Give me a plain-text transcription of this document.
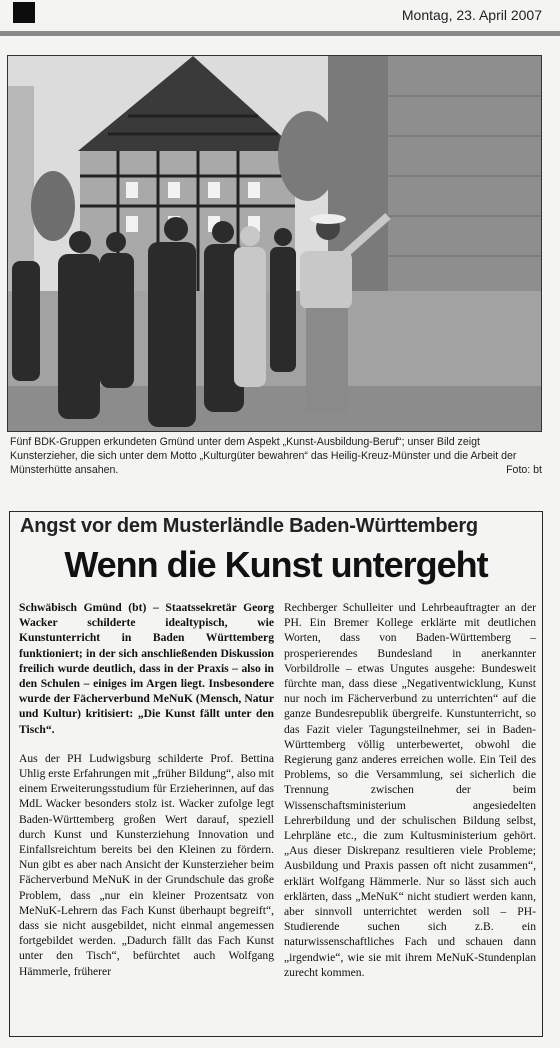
Montag, 23. April 2007
Fünf BDK-Gruppen erkundeten Gmünd unter dem Aspekt „Kunst-Ausbildung-Beruf“; unser Bild zeigt Kunsterzieher, die sich unter dem Motto „Kulturgüter bewahren“ das Heilig-Kreuz-Münster und die Arbeit der Münsterhütte ansahen.	Foto: bt
Angst vor dem Musterländle Baden-Württemberg
Wenn die Kunst untergeht

Schwäbisch Gmünd (bt) – Staatssekretär Georg Wacker schilderte idealtypisch, wie Kunstunterricht in Baden Württemberg funktioniert; in der sich anschließenden Diskussion freilich wurde deutlich, dass in der Praxis – also in den Schulen – einiges im Argen liegt. Insbesondere wurde der Fächerverbund MeNuK (Mensch, Natur und Kultur) kritisiert: „Die Kunst fällt unter den Tisch“.

Aus der PH Ludwigsburg schilderte Prof. Bettina Uhlig erste Erfahrungen mit „früher Bildung“, also mit einem Erweiterungsstudium für Erzieherinnen, auf das MdL Wacker besonders stolz ist. Wacker zufolge legt Baden-Württemberg großen Wert darauf, speziell durch Kunst und Kunsterziehung Innovation und Einfallsreichtum bereits bei den Kleinen zu fördern. Nun gibt es aber nach Ansicht der Kunsterzieher beim Fächerverbund MeNuK in der Grundschule das große Problem, dass „nur ein kleiner Prozentsatz von MeNuK-Lehrern das Fach Kunst überhaupt begreift“, dass sie nicht ausgebildet, nicht einmal angemessen fortgebildet werden. „Dadurch fällt das Fach Kunst unter den Tisch“, befürchtet auch Wolfgang Hämmerle, früherer

Rechberger Schulleiter und Lehrbeauftragter an der PH. Ein Bremer Kollege erklärte mit deutlichen Worten, dass von Baden-Württemberg – prosperierendes Bundesland in anerkannter Vorbildrolle – etwas Ungutes ausgehe: Bundesweit fürchte man, dass diese „Negativentwicklung, Kunst nur noch im Fächerverbund zu unterrichten“ auf die ganze Bundesrepublik übergreife. Kunstunterricht, so das Fazit vieler Tagungsteilnehmer, sei in Baden-Württemberg völlig unterbewertet, obwohl die Regierung ganz anderes erreichen wolle. Ein Teil des Problems, so die Versammlung, sei sicherlich die Trennung zwischen der beim Wissenschaftsministerium angesiedelten Lehrerbildung und der schulischen Bildung selbst, Lehrpläne etc., die zum Kultusministerium gehört. „Aus dieser Diskrepanz resultieren viele Probleme; Ausbildung und Praxis passen oft nicht zusammen“, erklärt Wolfgang Hämmerle. Nur so lässt sich auch erklärten, dass „MeNuK“ nicht studiert werden kann, aber sinnvoll unterrichtet werden soll – PH-Studierende suchen sich z.B. ein naturwissenschaftliches Fach und schauen dann „irgendwie“, wie sie mit ihrem MeNuK-Stundenplan zurecht kommen.
